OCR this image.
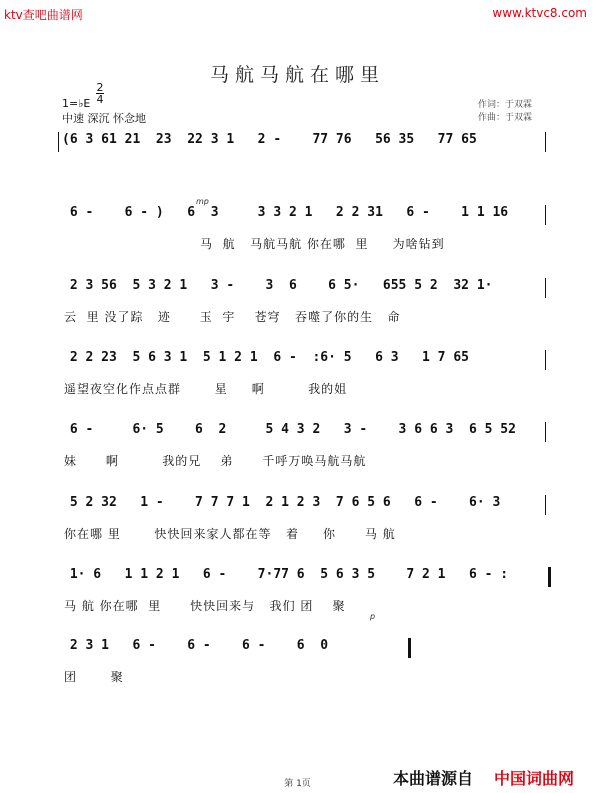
ktv查吧曲谱网	www.ktvc8.com
马航马航在哪里
1=♭E
2
4
中速 深沉 怀念地
作词：于双霖
作曲：于双霖
(6 3 61 21  23  22 3 1   2 -    77 76   56 35   77 65
mp
6 -    6 - )   6  3     3 3 2 1   2 2 31   6 -    1 1 16
马  航   马航马航 你在哪  里     为啥钻到
2 3 56  5 3 2 1   3 -    3  6    6 5·   655 5 2  32 1·
云  里 没了踪   迹      玉  宇    苍穹   吞噬了你的生   命
2 2 23  5 6 3 1  5 1 2 1  6 -  :6· 5   6 3   1 7 65
遥望夜空化作点点群       星     啊         我的姐
6 -     6· 5    6  2     5 4 3 2   3 -    3 6 6 3  6 5 52
妹      啊         我的兄    弟      千呼万唤马航马航
5 2 32   1 -    7 7 7 1  2 1 2 3  7 6 5 6   6 -    6· 3
你在哪 里       快快回来家人都在等   着     你      马 航
1· 6   1 1 2 1   6 -    7·77 6  5 6 3 5    7 2 1   6 - :
马 航 你在哪  里      快快回来与   我们 团    聚
p
2 3 1   6 -    6 -    6 -    6  0
团       聚
第 1页	本曲谱源自 中国词曲网
